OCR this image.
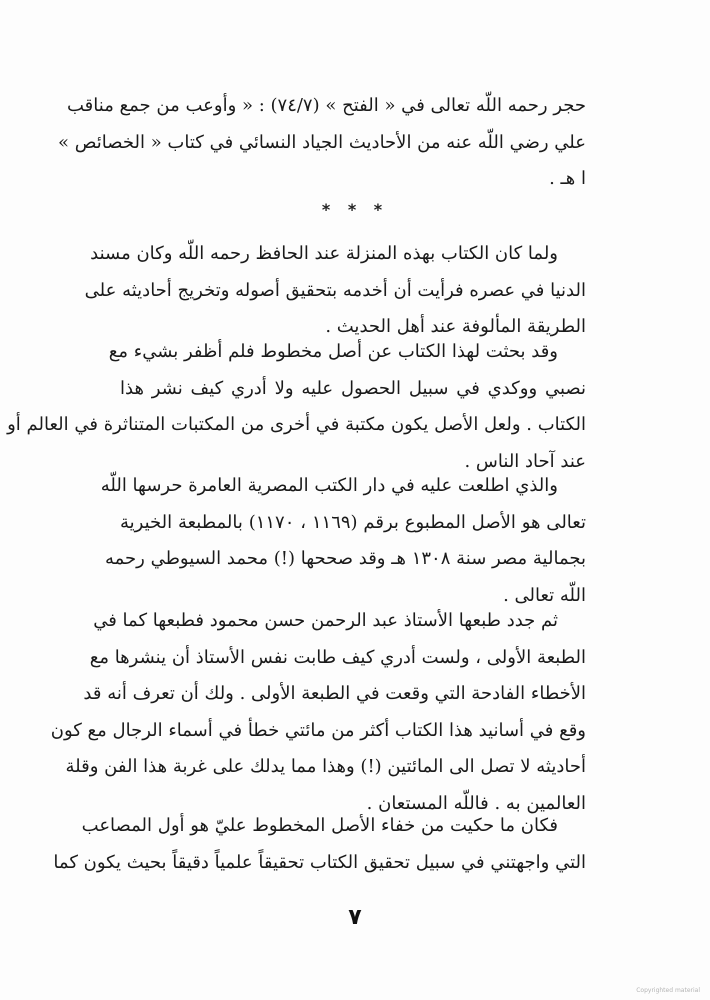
حجر رحمه اللّه تعالى في « الفتح » (٧٤/٧) : « وأوعب من جمع مناقب
علي رضي اللّه عنه من الأحاديث الجياد النسائي في كتاب « الخصائص »
ا هـ .
* * *
ولما كان الكتاب بهذه المنزلة عند الحافظ رحمه اللّه وكان مسند
الدنيا في عصره فرأيت أن أخدمه بتحقيق أصوله وتخريج أحاديثه على
الطريقة المألوفة عند أهل الحديث .
وقد بحثت لهذا الكتاب عن أصل مخطوط فلم أظفر بشيء مع
نصبي ووكدي في سبيل الحصول عليه ولا أدري كيف نشر هذا
الكتاب . ولعل الأصل يكون مكتبة في أخرى من المكتبات المتناثرة في العالم أو
عند آحاد الناس .
والذي اطلعت عليه في دار الكتب المصرية العامرة حرسها اللّه
تعالى هو الأصل المطبوع برقم (١١٦٩ ، ١١٧٠) بالمطبعة الخيرية
بجمالية مصر سنة ١٣٠٨ هـ وقد صححها (!) محمد السيوطي رحمه
اللّه تعالى .
ثم جدد طبعها الأستاذ عبد الرحمن حسن محمود فطبعها كما في
الطبعة الأولى ، ولست أدري كيف طابت نفس الأستاذ أن ينشرها مع
الأخطاء الفادحة التي وقعت في الطبعة الأولى . ولك أن تعرف أنه قد
وقع في أسانيد هذا الكتاب أكثر من مائتي خطأ في أسماء الرجال مع كون
أحاديثه لا تصل الى المائتين (!) وهذا مما يدلك على غربة هذا الفن وقلة
العالمين به . فاللّه المستعان .
فكان ما حكيت من خفاء الأصل المخطوط عليّ هو أول المصاعب
التي واجهتني في سبيل تحقيق الكتاب تحقيقاً علمياً دقيقاً بحيث يكون كما
٧
Copyrighted material
